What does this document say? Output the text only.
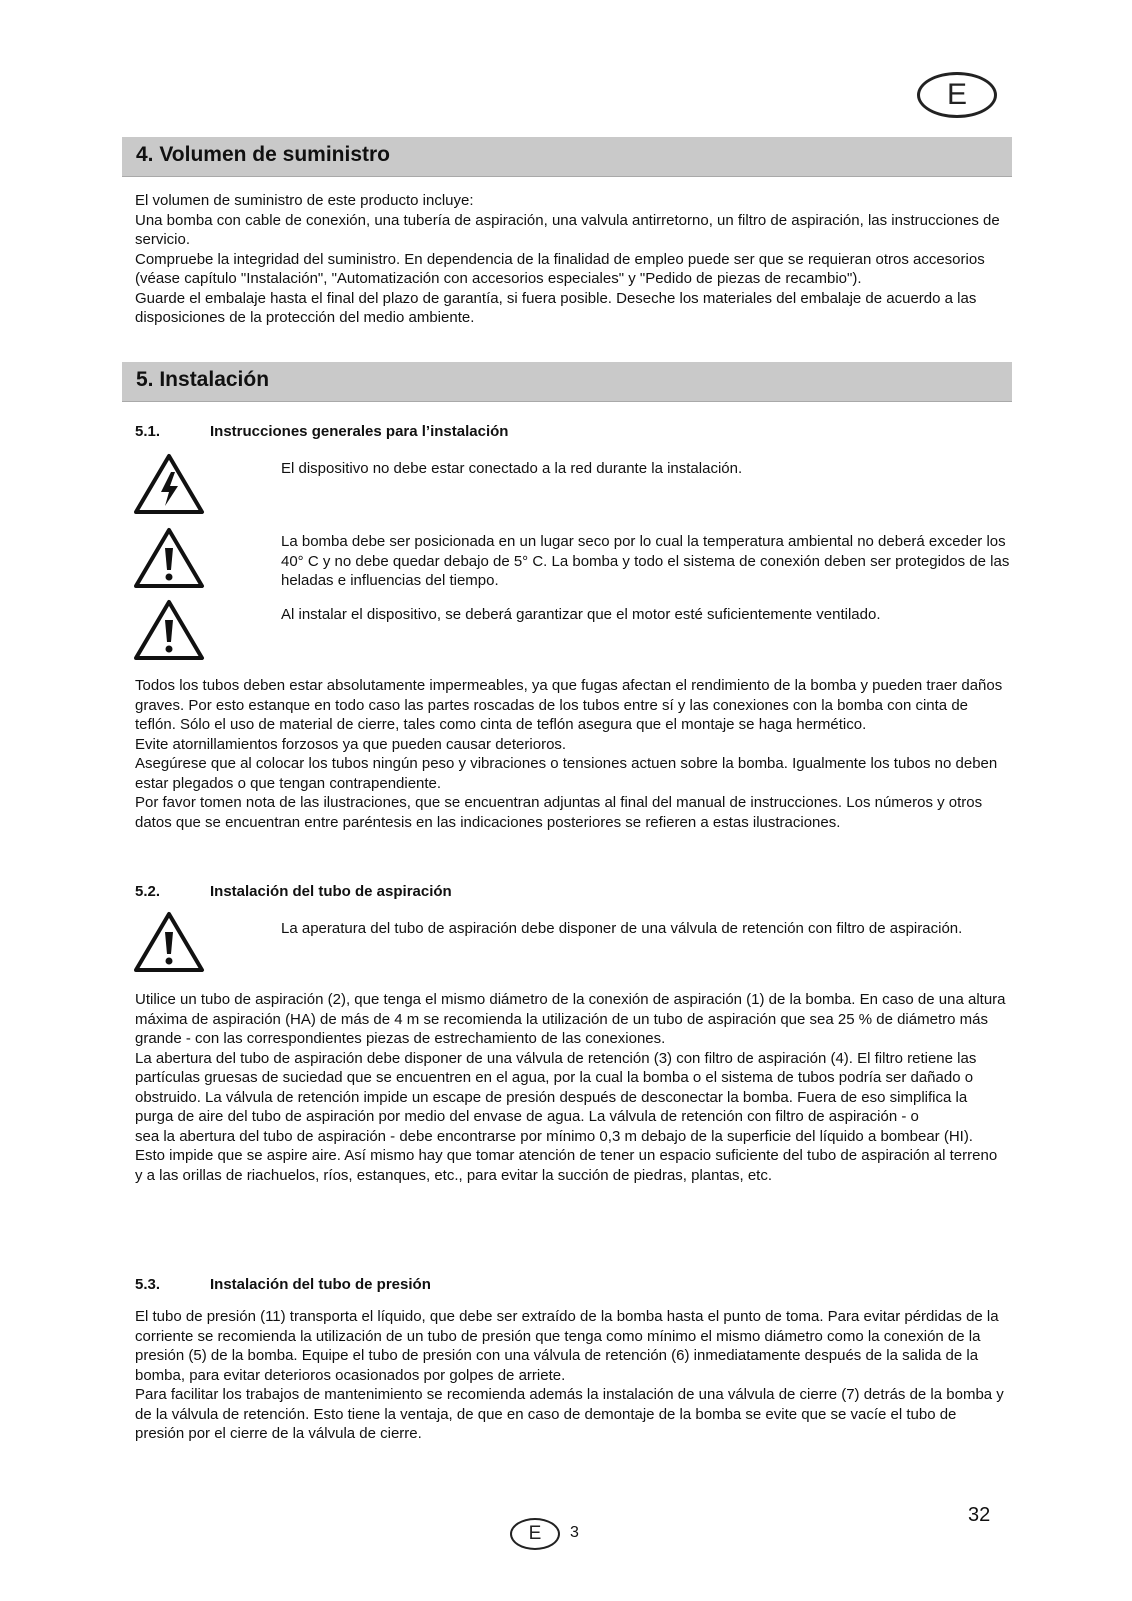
E
4. Volumen de suministro

El volumen de suministro de este producto incluye:

Una bomba con cable de conexión, una tubería de aspiración, una valvula antirretorno, un filtro de aspiración, las instrucciones de servicio.

Compruebe la integridad del suministro. En dependencia de la finalidad de empleo puede ser que se requieran otros accesorios (véase capítulo "Instalación", "Automatización con accesorios especiales" y "Pedido de piezas de recambio").

Guarde el embalaje hasta el final del plazo de garantía, si fuera posible. Deseche los materiales del embalaje de acuerdo a las disposiciones de la protección del medio ambiente.

5. Instalación
5.1.	Instrucciones generales para l’instalación
El dispositivo no debe estar conectado a la red durante la instalación.
La bomba debe ser posicionada en un lugar seco por lo cual la temperatura ambiental no deberá exceder los 40° C y no debe quedar debajo de 5° C. La bomba y todo el sistema de conexión deben ser protegidos de las heladas e influencias del tiempo.
Al instalar el dispositivo, se deberá garantizar que el motor esté suficientemente ventilado.

Todos los tubos deben estar absolutamente impermeables, ya que fugas afectan el rendimiento de la bomba y pueden traer daños graves. Por esto estanque en todo caso las partes roscadas de los tubos entre sí y las conexiones con la bomba con cinta de teflón. Sólo el uso de material de cierre, tales como cinta de teflón asegura que el montaje se haga hermético.

Evite atornillamientos forzosos ya que pueden causar deterioros.

Asegúrese que al colocar los tubos ningún peso y vibraciones o tensiones actuen sobre la bomba. Igualmente los tubos no deben estar plegados o que tengan contrapendiente.

Por favor tomen nota de las ilustraciones, que se encuentran adjuntas al final del manual de instrucciones. Los números y otros datos que se encuentran entre paréntesis en las indicaciones posteriores se refieren a estas ilustraciones.

5.2.	Instalación del tubo de aspiración
La aperatura del tubo de aspiración debe disponer de una válvula de retención con filtro de aspiración.

Utilice un tubo de aspiración (2), que tenga el mismo diámetro de la conexión de aspiración (1) de la bomba. En caso de una altura máxima de aspiración (HA) de más de 4 m se recomienda la utilización de un tubo de aspiración que sea 25 % de diámetro más grande - con las correspondientes piezas de estrechamiento de las conexiones.

La abertura del tubo de aspiración debe disponer de una válvula de retención (3) con filtro de aspiración (4). El filtro retiene las partículas gruesas de suciedad que se encuentren en el agua, por la cual la bomba o el sistema de tubos podría ser dañado o obstruido. La válvula de retención impide un escape de presión después de desconectar la bomba. Fuera de eso simplifica la purga de aire del tubo de aspiración por medio del envase de agua. La válvula de retención con filtro de aspiración - o

sea la abertura del tubo de aspiración - debe encontrarse por mínimo 0,3 m debajo de la superficie del líquido a bombear (HI).

Esto impide que se aspire aire. Así mismo hay que tomar atención de tener un espacio suficiente del tubo de aspiración al terreno y a las orillas de riachuelos, ríos, estanques, etc., para evitar la succión de piedras, plantas, etc.

5.3.	Instalación del tubo de presión

El tubo de presión (11) transporta el líquido, que debe ser extraído de la bomba hasta el punto de toma. Para evitar pérdidas de la corriente se recomienda la utilización de un tubo de presión que tenga como mínimo el mismo diámetro como la conexión de la presión (5) de la bomba. Equipe el tubo de presión con una válvula de retención (6) inmediatamente después de la salida de la bomba, para evitar deterioros ocasionados por golpes de arriete.

Para facilitar los trabajos de mantenimiento se recomienda además la instalación de una válvula de cierre (7) detrás de la bomba y de la válvula de retención. Esto tiene la ventaja, de que en caso de demontaje de la bomba se evite que se vacíe el tubo de presión por el cierre de la válvula de cierre.

E	3
32
